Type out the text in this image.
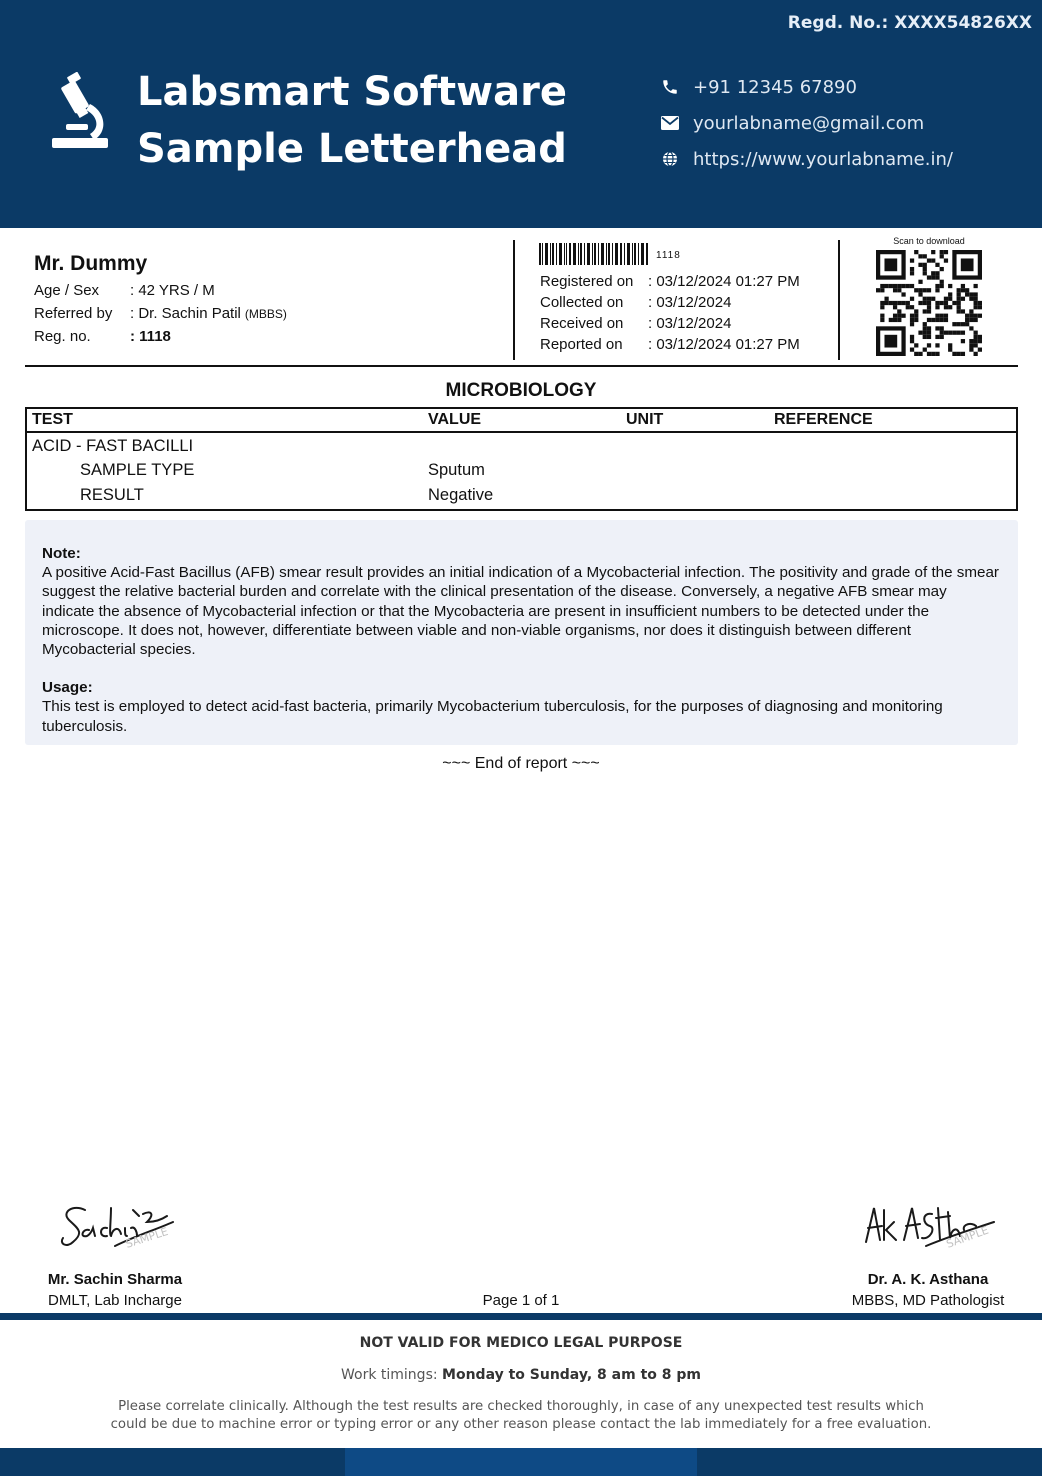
Regd. No.: XXXX54826XX
Labsmart Software
Sample Letterhead
+91 12345 67890
yourlabname@gmail.com
https://www.yourlabname.in/
Mr. Dummy
Age / Sex	: 42 YRS / M
Referred by	: Dr. Sachin Patil (MBBS)
Reg. no.	: 1118
1118
Registered on : 03/12/2024 01:27 PM
Collected on	: 03/12/2024
Received on	: 03/12/2024
Reported on	: 03/12/2024 01:27 PM
Scan to download
MICROBIOLOGY
TEST	VALUE	UNIT	REFERENCE
ACID - FAST BACILLI
SAMPLE TYPE	Sputum
RESULT	Negative
Note:

A positive Acid-Fast Bacillus (AFB) smear result provides an initial indication of a Mycobacterial infection. The positivity and grade of the smear suggest the relative bacterial burden and correlate with the clinical presentation of the disease. Conversely, a negative AFB smear may indicate the absence of Mycobacterial infection or that the Mycobacteria are present in insufficient numbers to be detected under the microscope. It does not, however, differentiate between viable and non-viable organisms, nor does it distinguish between different Mycobacterial species.

Usage:

This test is employed to detect acid-fast bacteria, primarily Mycobacterium tuberculosis, for the purposes of diagnosing and monitoring tuberculosis.

~~~ End of report ~~~
SAMPLE
Mr. Sachin Sharma
DMLT, Lab Incharge
SAMPLE
Dr. A. K. Asthana
MBBS, MD Pathologist
Page 1 of 1
NOT VALID FOR MEDICO LEGAL PURPOSE
Work timings: Monday to Sunday, 8 am to 8 pm
Please correlate clinically. Although the test results are checked thoroughly, in case of any unexpected test results which could be due to machine error or typing error or any other reason please contact the lab immediately for a free evaluation.
